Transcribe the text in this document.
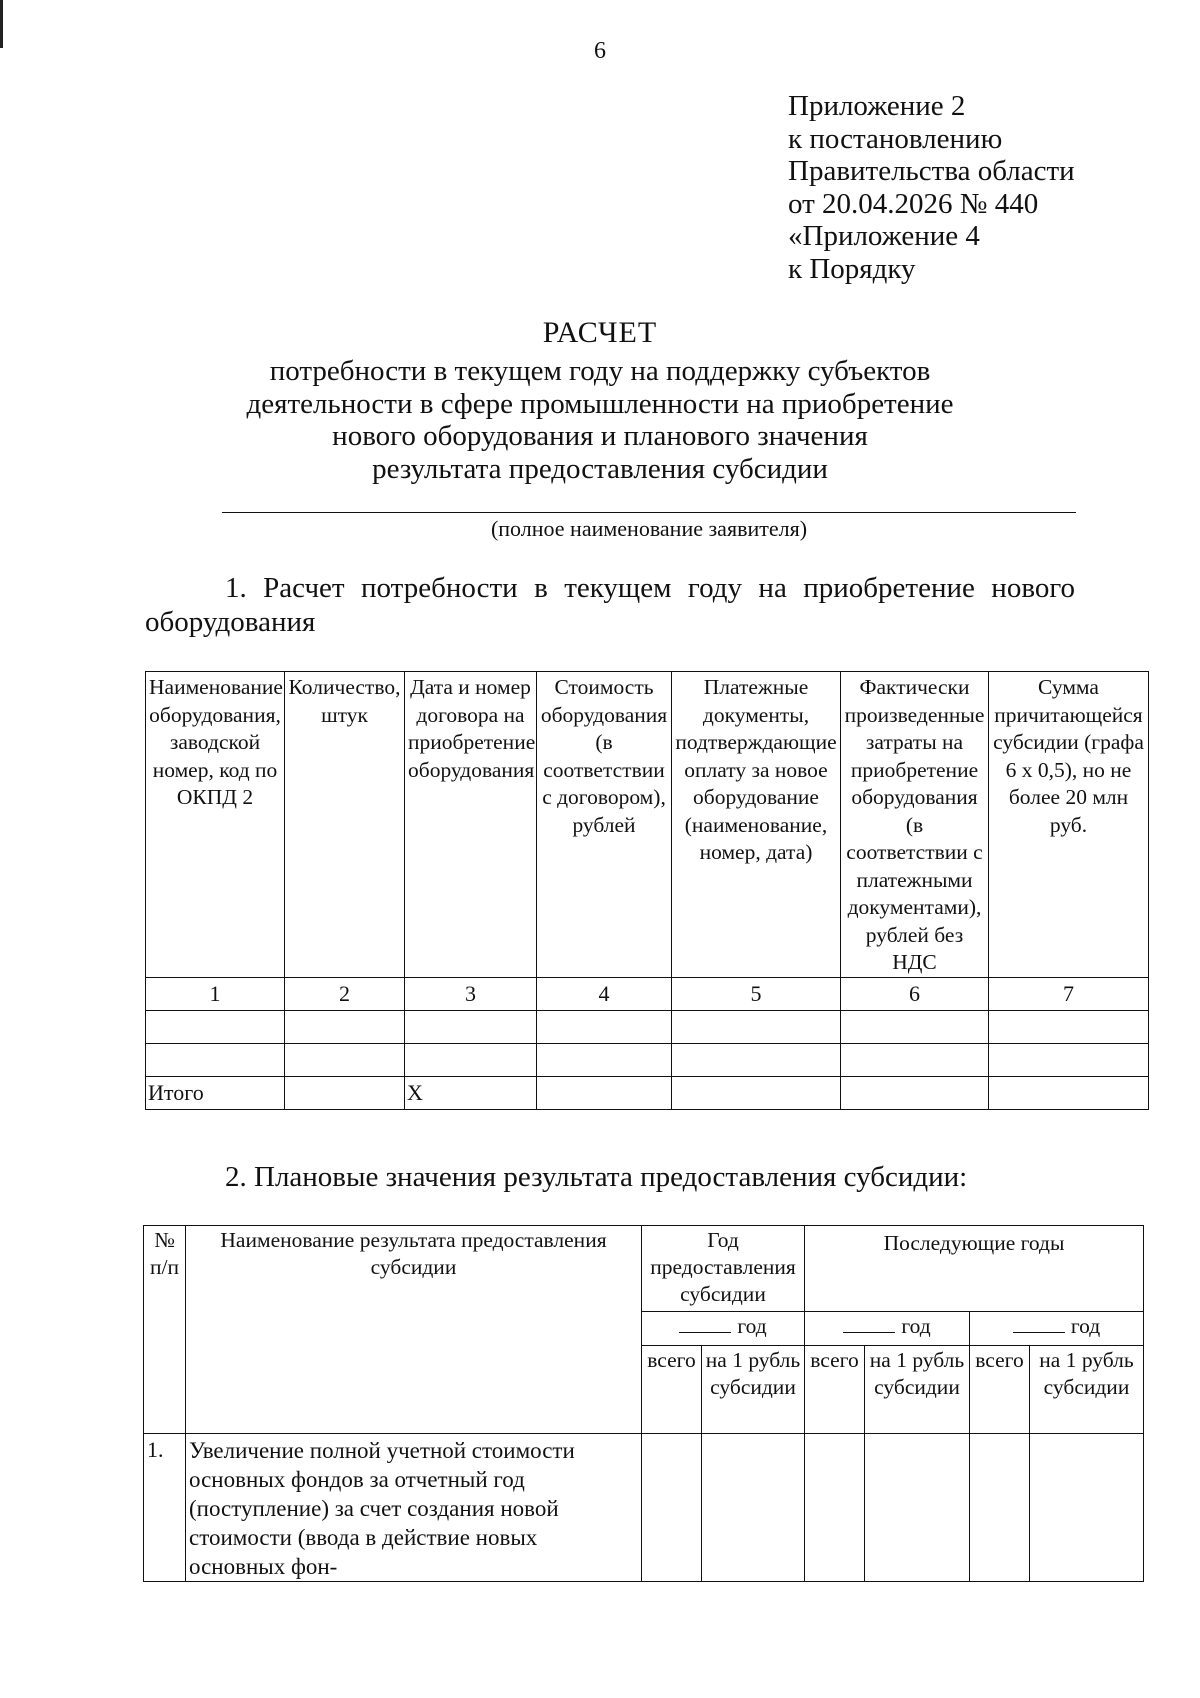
6
Приложение 2
к постановлению
Правительства области
от 20.04.2026 № 440
«Приложение 4
к Порядку
РАСЧЕТ
потребности в текущем году на поддержку субъектов
деятельности в сфере промышленности на приобретение
нового оборудования и планового значения
результата предоставления субсидии
(полное наименование заявителя)
1. Расчет потребности в текущем году на приобретение нового оборудования
Наименование оборудования, заводской номер, код по ОКПД 2	Количество, штук	Дата и номер договора на приобретение оборудования	Стоимость оборудования (в соответствии с договором), рублей	Платежные документы, подтверждающие оплату за новое оборудование (наименование, номер, дата)	Фактически произведенные затраты на приобретение оборудования (в соответствии с платежными документами), рублей без НДС	Сумма причитающейся субсидии (графа 6 х 0,5), но не более 20 млн руб.
1	2	3	4	5	6	7

Итого		X				
2. Плановые значения результата предоставления субсидии:
№ п/п	Наименование результата предоставления субсидии	Год предоставления субсидии		Последующие годы			
		год		год		год	
		всего	на 1 рубль субсидии	всего	на 1 рубль субсидии	всего	на 1 рубль субсидии
1.	Увеличение полной учетной стоимости основных фондов за отчетный год (поступление) за счет создания новой стоимости (ввода в действие новых основных фон-						
